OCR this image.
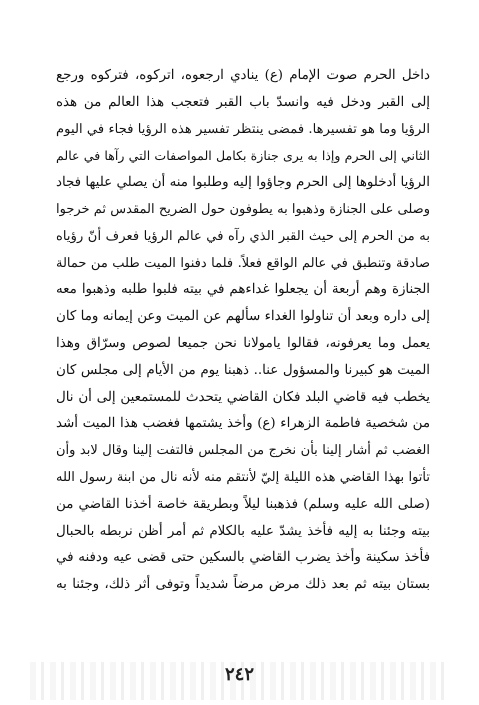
داخل الحرم صوت الإمام (ع) ينادي ارجعوه، اتركوه، فتركوه ورجع
إلى القبر ودخل فيه وانسدّ باب القبر فتعجب هذا العالم من هذه
الرؤيا وما هو تفسيرها. فمضى ينتظر تفسير هذه الرؤيا فجاء في اليوم
الثاني إلى الحرم وإذا به يرى جنازة بكامل المواصفات التي رآها في عالم
الرؤيا أدخلوها إلى الحرم وجاؤوا إليه وطلبوا منه أن يصلي عليها فجاد
وصلى على الجنازة وذهبوا به يطوفون حول الضريح المقدس ثم خرجوا
به من الحرم إلى حيث القبر الذي رآه في عالم الرؤيا فعرف أنّ رؤياه
صادقة وتنطبق في عالم الواقع فعلاً. فلما دفنوا الميت طلب من حمالة
الجنازة وهم أربعة أن يجعلوا غداءهم في بيته فلبوا طلبه وذهبوا معه
إلى داره وبعد أن تناولوا الغداء سألهم عن الميت وعن إيمانه وما كان
يعمل وما يعرفونه، فقالوا يامولانا نحن جميعا لصوص وسرّاق وهذا
الميت هو كبيرنا والمسؤول عنا.. ذهبنا يوم من الأيام إلى مجلس كان
يخطب فيه قاضي البلد فكان القاضي يتحدث للمستمعين إلى أن نال
من شخصية فاطمة الزهراء (ع) وأخذ يشتمها فغضب هذا الميت أشد
الغضب ثم أشار إلينا بأن نخرج من المجلس فالتفت إلينا وقال لابد وأن
تأتوا بهذا القاضي هذه الليلة إليّ لأنتقم منه لأنه نال من ابنة رسول الله
(صلى الله عليه وسلم) فذهبنا ليلاً وبطريقة خاصة أخذنا القاضي من
بيته وجئنا به إليه فأخذ يشدّ عليه بالكلام ثم أمر أظن نربطه بالحبال
فأخذ سكينة وأخذ يضرب القاضي بالسكين حتى قضى عيه ودفنه في
بستان بيته ثم بعد ذلك مرض مرضاً شديداً وتوفى أثر ذلك، وجئنا به
٢٤٢
